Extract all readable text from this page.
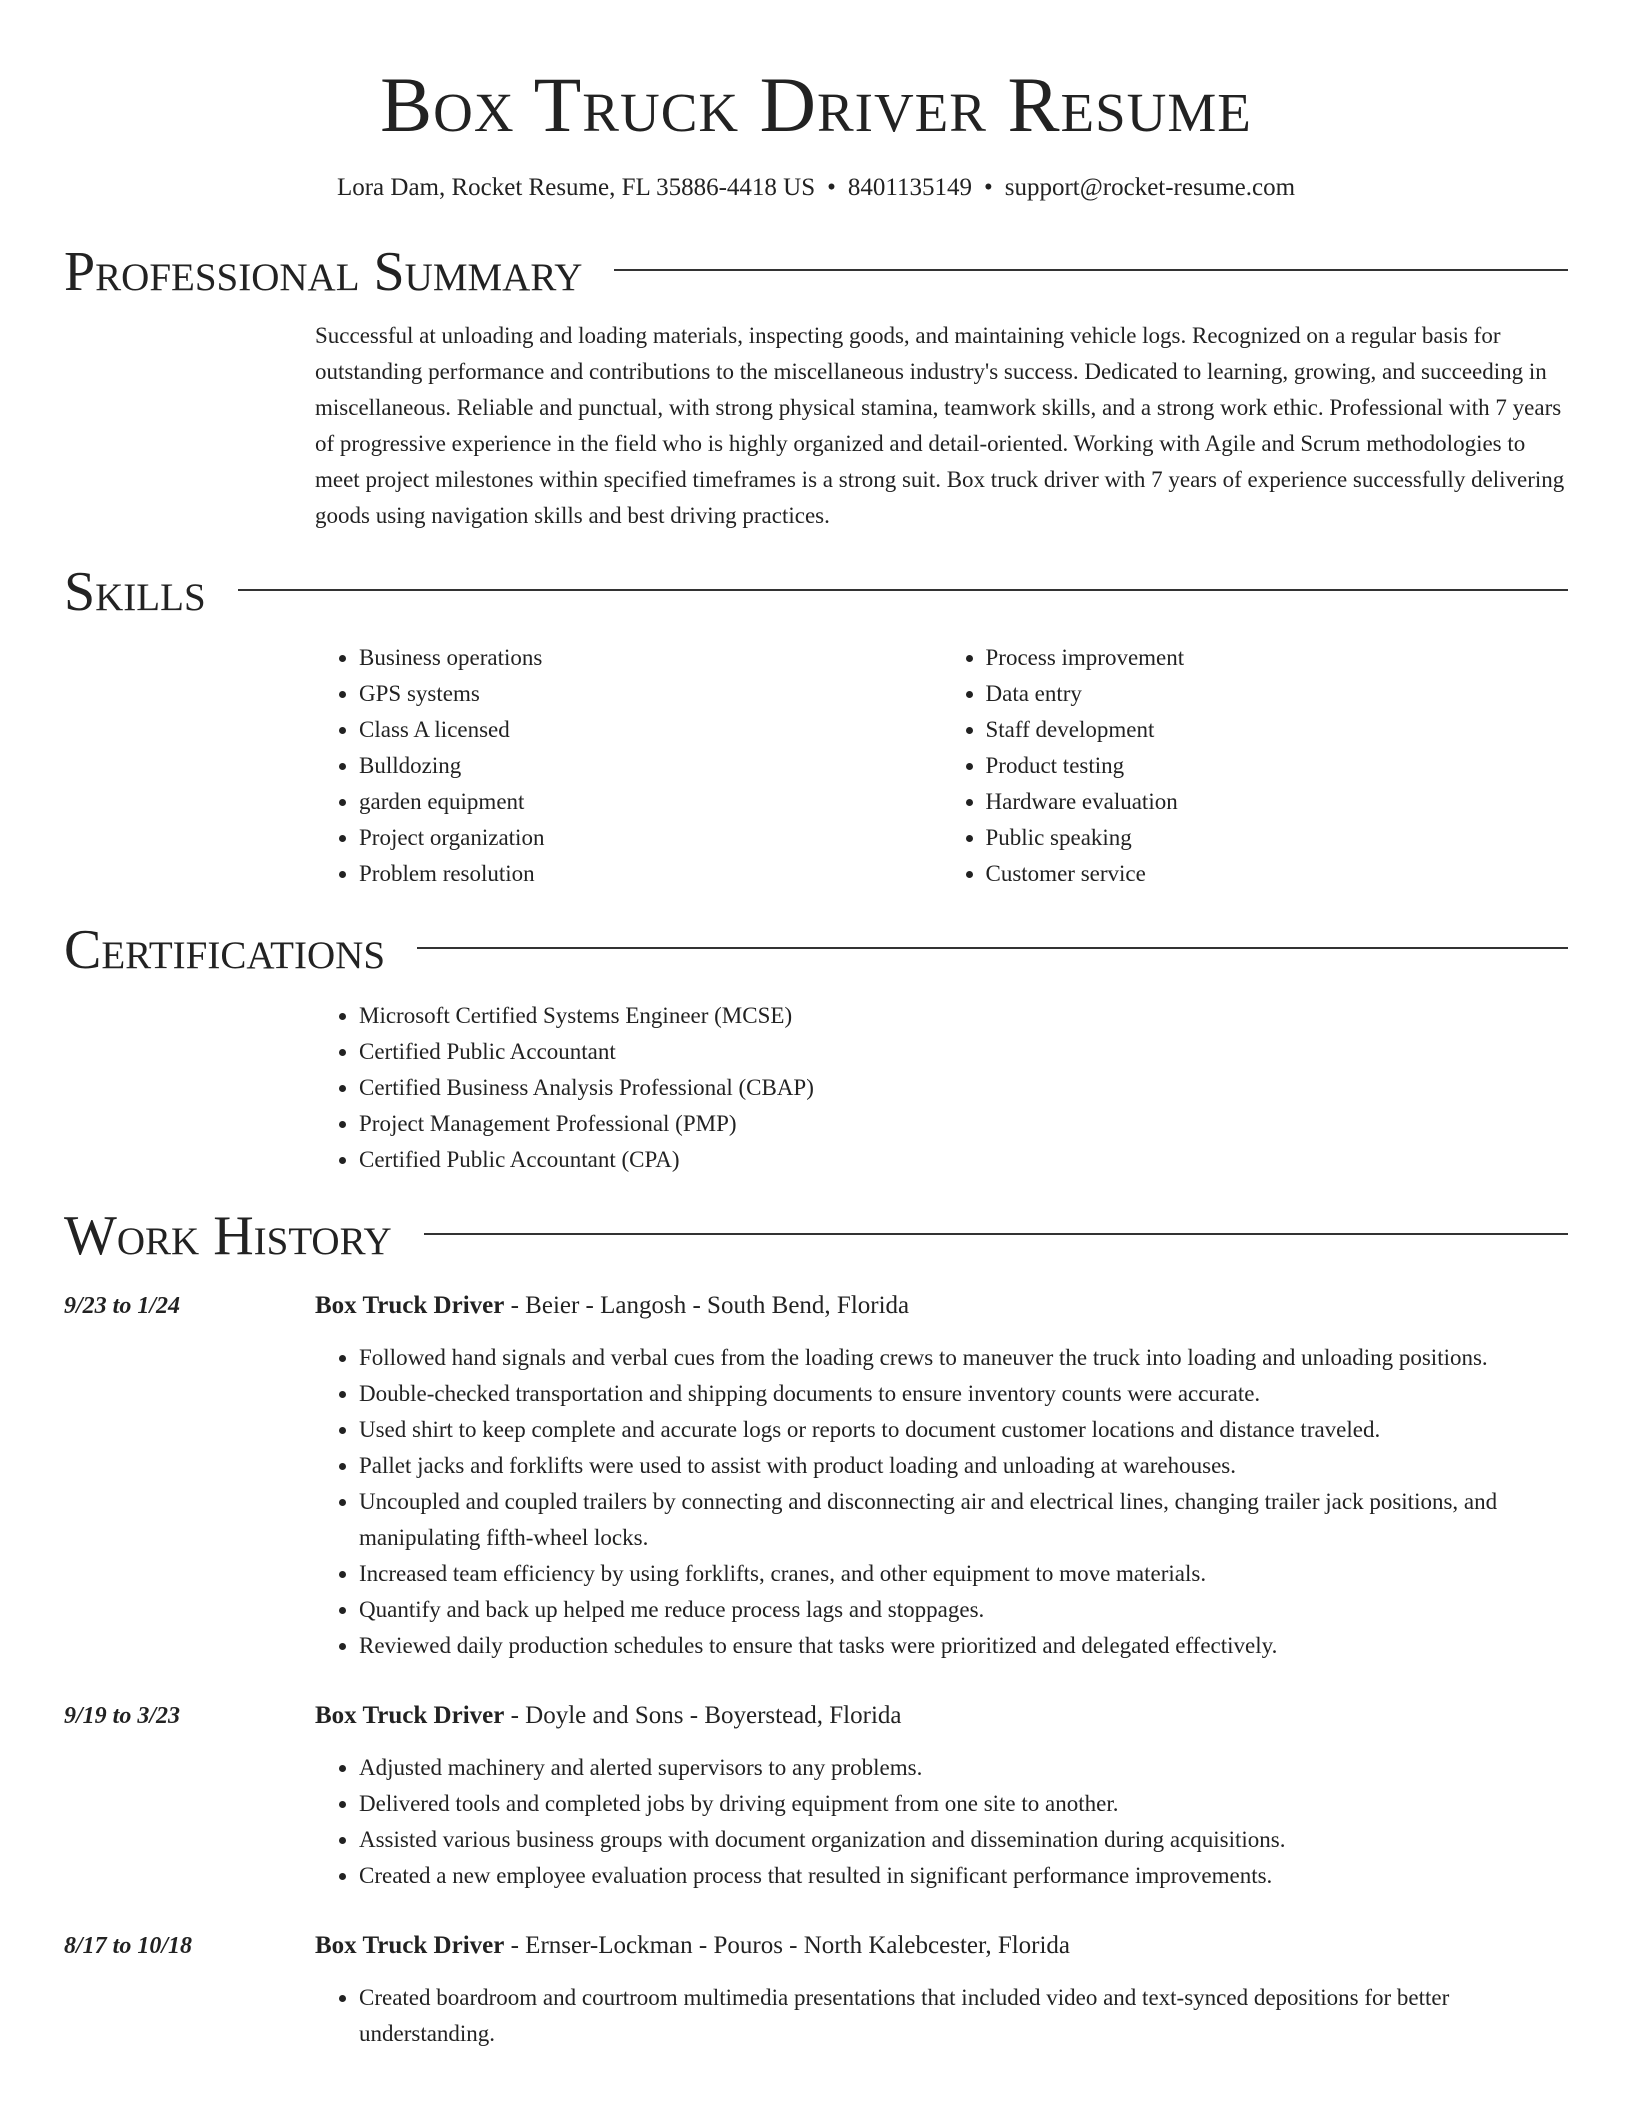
Box Truck Driver Resume
Lora Dam, Rocket Resume, FL 35886-4418 US • 8401135149 • support@rocket-resume.com
Professional Summary

Successful at unloading and loading materials, inspecting goods, and maintaining vehicle logs. Recognized on a regular basis for outstanding performance and contributions to the miscellaneous industry's success. Dedicated to learning, growing, and succeeding in miscellaneous. Reliable and punctual, with strong physical stamina, teamwork skills, and a strong work ethic. Professional with 7 years of progressive experience in the field who is highly organized and detail-oriented. Working with Agile and Scrum methodologies to meet project milestones within specified timeframes is a strong suit. Box truck driver with 7 years of experience successfully delivering goods using navigation skills and best driving practices.

Skills
• Business operations
• GPS systems
• Class A licensed
• Bulldozing
• garden equipment
• Project organization
• Problem resolution
• Process improvement
• Data entry
• Staff development
• Product testing
• Hardware evaluation
• Public speaking
• Customer service
Certifications
• Microsoft Certified Systems Engineer (MCSE)
• Certified Public Accountant
• Certified Business Analysis Professional (CBAP)
• Project Management Professional (PMP)
• Certified Public Accountant (CPA)
Work History
9/23 to 1/24	Box Truck Driver - Beier - Langosh - South Bend, Florida
• Followed hand signals and verbal cues from the loading crews to maneuver the truck into loading and unloading positions.
• Double-checked transportation and shipping documents to ensure inventory counts were accurate.
• Used shirt to keep complete and accurate logs or reports to document customer locations and distance traveled.
• Pallet jacks and forklifts were used to assist with product loading and unloading at warehouses.
• Uncoupled and coupled trailers by connecting and disconnecting air and electrical lines, changing trailer jack positions, and manipulating fifth-wheel locks.
• Increased team efficiency by using forklifts, cranes, and other equipment to move materials.
• Quantify and back up helped me reduce process lags and stoppages.
• Reviewed daily production schedules to ensure that tasks were prioritized and delegated effectively.
9/19 to 3/23	Box Truck Driver - Doyle and Sons - Boyerstead, Florida
• Adjusted machinery and alerted supervisors to any problems.
• Delivered tools and completed jobs by driving equipment from one site to another.
• Assisted various business groups with document organization and dissemination during acquisitions.
• Created a new employee evaluation process that resulted in significant performance improvements.
8/17 to 10/18	Box Truck Driver - Ernser-Lockman - Pouros - North Kalebcester, Florida
• Created boardroom and courtroom multimedia presentations that included video and text-synced depositions for better understanding.
